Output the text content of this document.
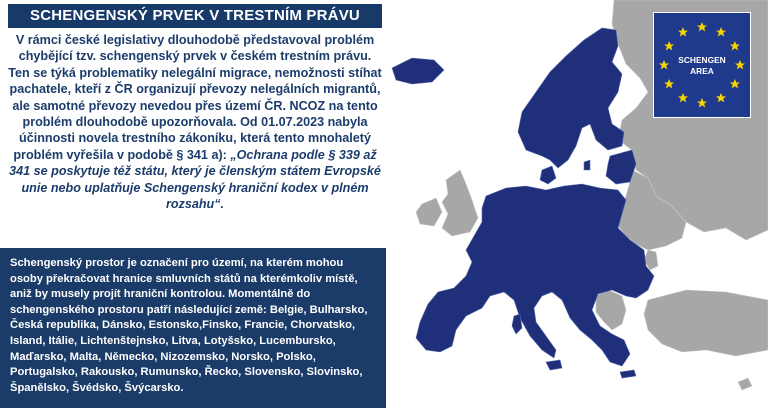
SCHENGENSKÝ PRVEK V TRESTNÍM PRÁVU
V rámci české legislativy dlouhodobě představoval problém chybějící tzv. schengenský prvek v českém trestním právu. Ten se týká problematiky nelegální migrace, nemožnosti stíhat pachatele, kteří z ČR organizují převozy nelegálních migrantů, ale samotné převozy nevedou přes území ČR. NCOZ na tento problém dlouhodobě upozorňovala. Od 01.07.2023 nabyla účinnosti novela trestního zákoníku, která tento mnohaletý problém vyřešila v podobě § 341 a): „Ochrana podle § 339 až 341 se poskytuje též státu, který je členským státem Evropské unie nebo uplatňuje Schengenský hraniční kodex v plném rozsahu“.
Schengenský prostor je označení pro území, na kterém mohou osoby překračovat hranice smluvních států na kterémkoliv místě, aniž by musely projít hraniční kontrolou. Momentálně do schengenského prostoru patří následující země: Belgie, Bulharsko, Česká republika, Dánsko, Estonsko,Finsko, Francie, Chorvatsko, Island, Itálie, Lichtenštejnsko, Litva, Lotyšsko, Lucembursko, Maďarsko, Malta, Německo, Nizozemsko, Norsko, Polsko, Portugalsko, Rakousko, Rumunsko, Řecko, Slovensko, Slovinsko, Španělsko, Švédsko, Švýcarsko.
SCHENGEN
AREA
